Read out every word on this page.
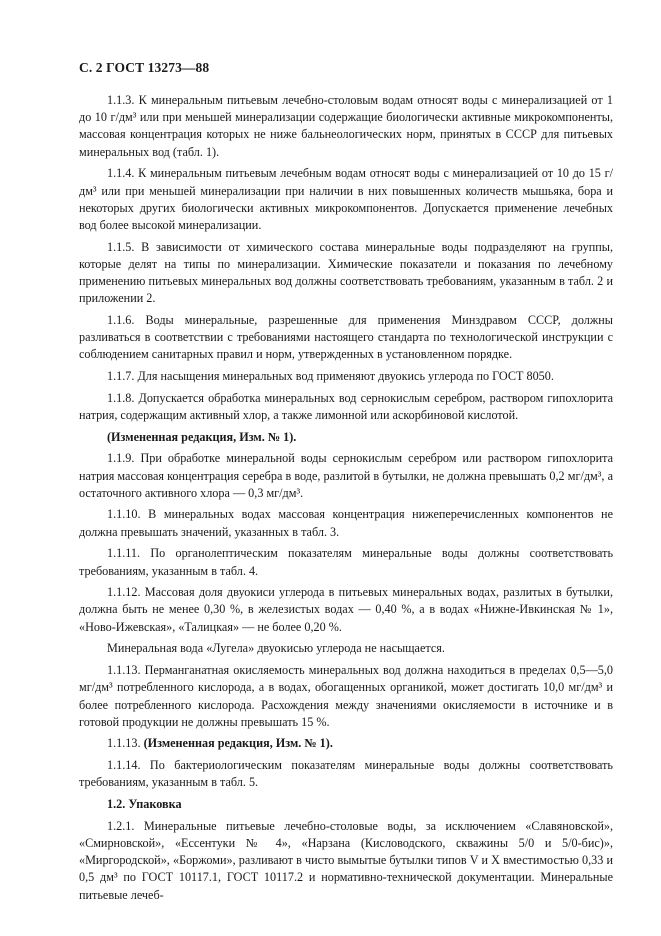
С. 2 ГОСТ 13273—88

1.1.3. К минеральным питьевым лечебно-столовым водам относят воды с минерализацией от 1 до 10 г/дм³ или при меньшей минерализации содержащие биологически активные микрокомпоненты, массовая концентрация которых не ниже бальнеологических норм, принятых в СССР для питьевых минеральных вод (табл. 1).

1.1.4. К минеральным питьевым лечебным водам относят воды с минерализацией от 10 до 15 г/дм³ или при меньшей минерализации при наличии в них повышенных количеств мышьяка, бора и некоторых других биологически активных микрокомпонентов. Допускается применение лечебных вод более высокой минерализации.

1.1.5. В зависимости от химического состава минеральные воды подразделяют на группы, которые делят на типы по минерализации. Химические показатели и показания по лечебному применению питьевых минеральных вод должны соответствовать требованиям, указанным в табл. 2 и приложении 2.

1.1.6. Воды минеральные, разрешенные для применения Минздравом СССР, должны разливаться в соответствии с требованиями настоящего стандарта по технологической инструкции с соблюдением санитарных правил и норм, утвержденных в установленном порядке.

1.1.7. Для насыщения минеральных вод применяют двуокись углерода по ГОСТ 8050.

1.1.8. Допускается обработка минеральных вод сернокислым серебром, раствором гипохлорита натрия, содержащим активный хлор, а также лимонной или аскорбиновой кислотой.

(Измененная редакция, Изм. № 1).

1.1.9. При обработке минеральной воды сернокислым серебром или раствором гипохлорита натрия массовая концентрация серебра в воде, разлитой в бутылки, не должна превышать 0,2 мг/дм³, а остаточного активного хлора — 0,3 мг/дм³.

1.1.10. В минеральных водах массовая концентрация нижеперечисленных компонентов не должна превышать значений, указанных в табл. 3.

1.1.11. По органолептическим показателям минеральные воды должны соответствовать требованиям, указанным в табл. 4.

1.1.12. Массовая доля двуокиси углерода в питьевых минеральных водах, разлитых в бутылки, должна быть не менее 0,30 %, в железистых водах — 0,40 %, а в водах «Нижне-Ивкинская № 1», «Ново-Ижевская», «Талицкая» — не более 0,20 %.

Минеральная вода «Лугела» двуокисью углерода не насыщается.

1.1.13. Перманганатная окисляемость минеральных вод должна находиться в пределах 0,5—5,0 мг/дм³ потребленного кислорода, а в водах, обогащенных органикой, может достигать 10,0 мг/дм³ и более потребленного кислорода. Расхождения между значениями окисляемости в источнике и в готовой продукции не должны превышать 15 %.

1.1.13. (Измененная редакция, Изм. № 1).

1.1.14. По бактериологическим показателям минеральные воды должны соответствовать требованиям, указанным в табл. 5.

1.2. Упаковка

1.2.1. Минеральные питьевые лечебно-столовые воды, за исключением «Славяновской», «Смирновской», «Ессентуки № 4», «Нарзана (Кисловодского, скважины 5/0 и 5/0-бис)», «Миргородской», «Боржоми», разливают в чисто вымытые бутылки типов V и X вместимостью 0,33 и 0,5 дм³ по ГОСТ 10117.1, ГОСТ 10117.2 и нормативно-технической документации. Минеральные питьевые лечеб-
